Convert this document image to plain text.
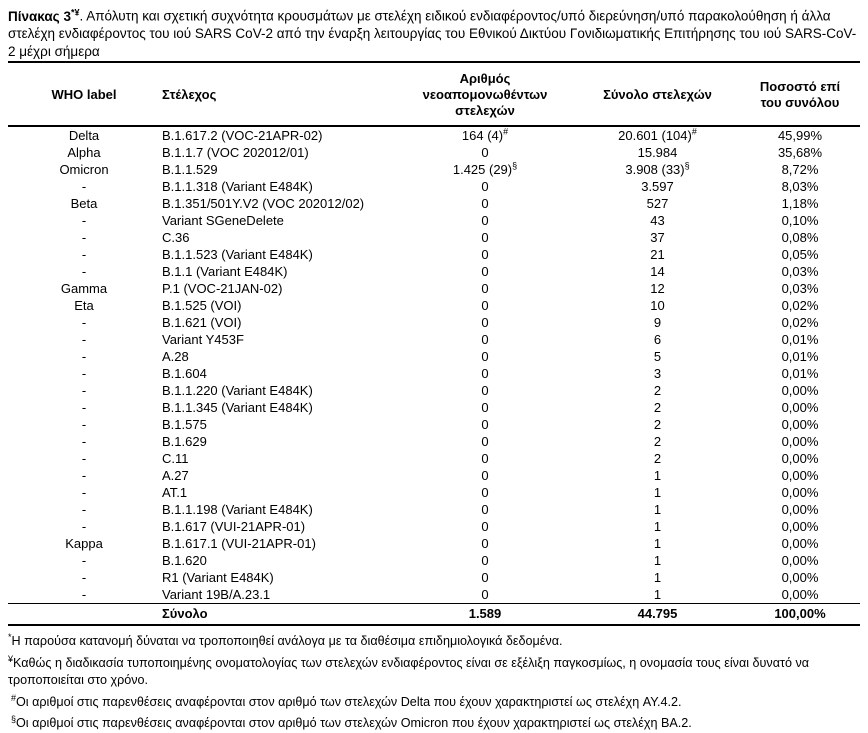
Πίνακας 3*¥. Απόλυτη και σχετική συχνότητα κρουσμάτων με στελέχη ειδικού ενδιαφέροντος/υπό διερεύνηση/υπό παρακολούθηση ή άλλα στελέχη ενδιαφέροντος του ιού SARS CoV-2 από την έναρξη λειτουργίας του Εθνικού Δικτύου Γονιδιωματικής Επιτήρησης του ιού SARS-CoV-2 μέχρι σήμερα

WHO label	Στέλεχος	Αριθμός νεοαπομονωθέντων στελεχών	Σύνολο στελεχών	Ποσοστό επί του συνόλου
Delta	B.1.617.2 (VOC-21APR-02)	164 (4)#	20.601 (104)#	45,99%
Alpha	B.1.1.7 (VOC 202012/01)	0	15.984	35,68%
Omicron	B.1.1.529	1.425 (29)§	3.908 (33)§	8,72%
-	B.1.1.318 (Variant E484K)	0	3.597	8,03%
Beta	B.1.351/501Y.V2 (VOC 202012/02)	0	527	1,18%
-	Variant SGeneDelete	0	43	0,10%
-	C.36	0	37	0,08%
-	B.1.1.523 (Variant E484K)	0	21	0,05%
-	B.1.1 (Variant E484K)	0	14	0,03%
Gamma	P.1 (VOC-21JAN-02)	0	12	0,03%
Eta	B.1.525 (VOI)	0	10	0,02%
-	B.1.621 (VOI)	0	9	0,02%
-	Variant Y453F	0	6	0,01%
-	A.28	0	5	0,01%
-	B.1.604	0	3	0,01%
-	B.1.1.220 (Variant E484K)	0	2	0,00%
-	B.1.1.345 (Variant E484K)	0	2	0,00%
-	B.1.575	0	2	0,00%
-	B.1.629	0	2	0,00%
-	C.11	0	2	0,00%
-	A.27	0	1	0,00%
-	AT.1	0	1	0,00%
-	B.1.1.198 (Variant E484K)	0	1	0,00%
-	B.1.617 (VUI-21APR-01)	0	1	0,00%
Kappa	B.1.617.1 (VUI-21APR-01)	0	1	0,00%
-	B.1.620	0	1	0,00%
-	R1 (Variant E484K)	0	1	0,00%
-	Variant 19B/A.23.1	0	1	0,00%
	Σύνολο	1.589	44.795	100,00%

*Η παρούσα κατανομή δύναται να τροποποιηθεί ανάλογα με τα διαθέσιμα επιδημιολογικά δεδομένα.

¥Καθώς η διαδικασία τυποποιημένης ονοματολογίας των στελεχών ενδιαφέροντος είναι σε εξέλιξη παγκοσμίως, η ονομασία τους είναι δυνατό να τροποποιείται στο χρόνο.

#Οι αριθμοί στις παρενθέσεις αναφέρονται στον αριθμό των στελεχών Delta που έχουν χαρακτηριστεί ως στελέχη AY.4.2.

§Οι αριθμοί στις παρενθέσεις αναφέρονται στον αριθμό των στελεχών Omicron που έχουν χαρακτηριστεί ως στελέχη BA.2.
